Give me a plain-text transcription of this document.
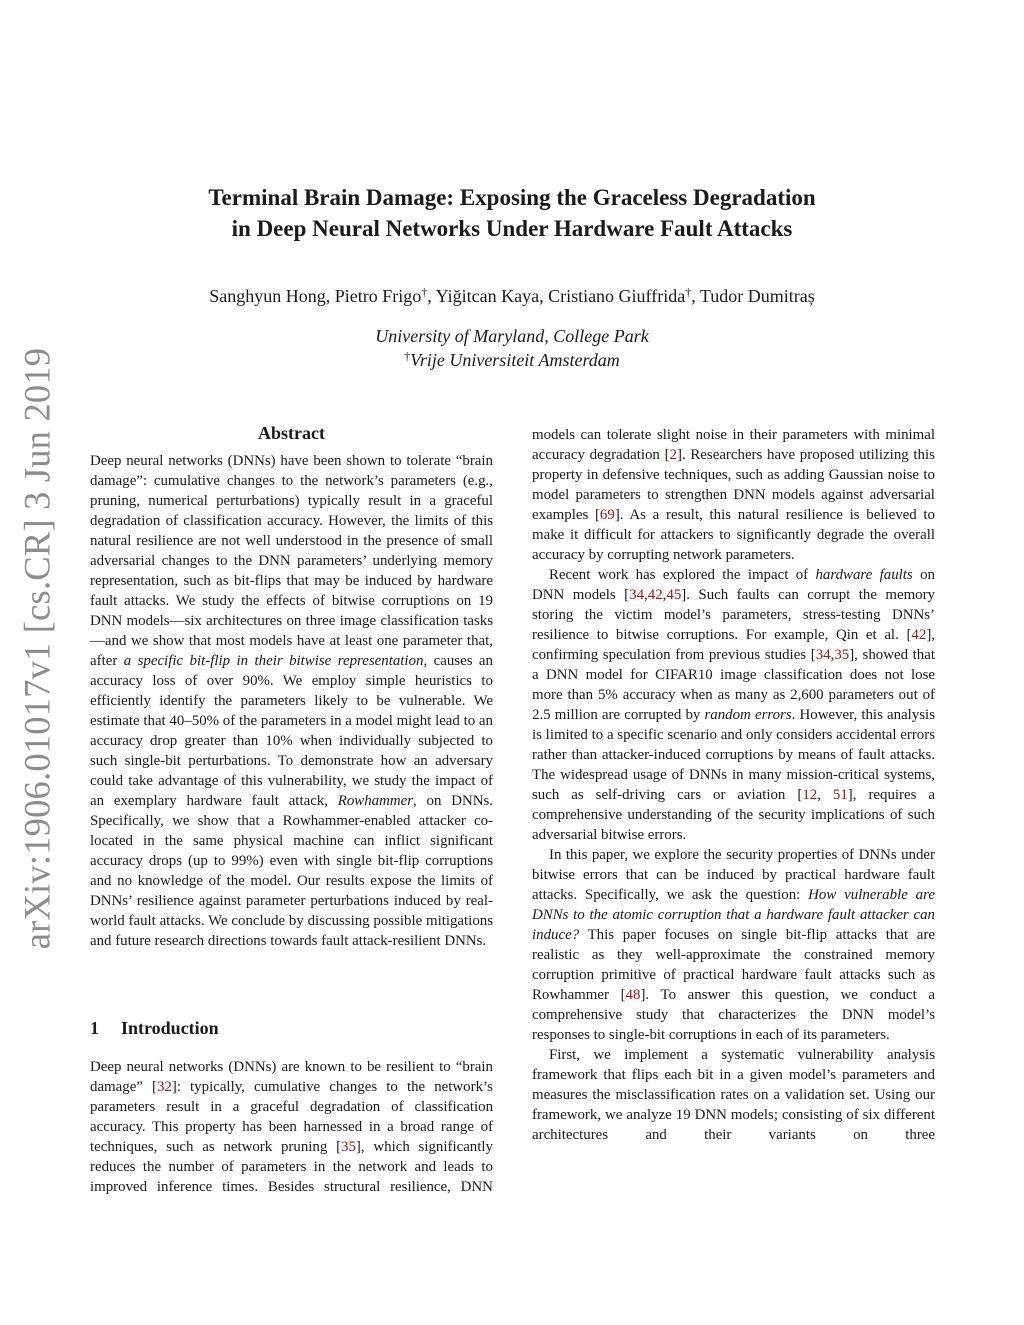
arXiv:1906.01017v1 [cs.CR] 3 Jun 2019
Terminal Brain Damage: Exposing the Graceless Degradation
in Deep Neural Networks Under Hardware Fault Attacks
Sanghyun Hong, Pietro Frigo†, Yiğitcan Kaya, Cristiano Giuffrida†, Tudor Dumitraș
University of Maryland, College Park
†Vrije Universiteit Amsterdam
Abstract

Deep neural networks (DNNs) have been shown to tolerate “brain damage”: cumulative changes to the network’s parameters (e.g., pruning, numerical perturbations) typically result in a graceful degradation of classification accuracy. However, the limits of this natural resilience are not well understood in the presence of small adversarial changes to the DNN parameters’ underlying memory representation, such as bit-flips that may be induced by hardware fault attacks. We study the effects of bitwise corruptions on 19 DNN models—six architectures on three image classification tasks—and we show that most models have at least one parameter that, after a specific bit-flip in their bitwise representation, causes an accuracy loss of over 90%. We employ simple heuristics to efficiently identify the parameters likely to be vulnerable. We estimate that 40–50% of the parameters in a model might lead to an accuracy drop greater than 10% when individually subjected to such single-bit perturbations. To demonstrate how an adversary could take advantage of this vulnerability, we study the impact of an exemplary hardware fault attack, Rowhammer, on DNNs. Specifically, we show that a Rowhammer-enabled attacker co-located in the same physical machine can inflict significant accuracy drops (up to 99%) even with single bit-flip corruptions and no knowledge of the model. Our results expose the limits of DNNs’ resilience against parameter perturbations induced by real-world fault attacks. We conclude by discussing possible mitigations and future research directions towards fault attack-resilient DNNs.

1 Introduction

Deep neural networks (DNNs) are known to be resilient to “brain damage” [32]: typically, cumulative changes to the network’s parameters result in a graceful degradation of classification accuracy. This property has been harnessed in a broad range of techniques, such as network pruning [35], which significantly reduces the number of parameters in the network and leads to improved inference times. Besides structural resilience, DNN

models can tolerate slight noise in their parameters with minimal accuracy degradation [2]. Researchers have proposed utilizing this property in defensive techniques, such as adding Gaussian noise to model parameters to strengthen DNN models against adversarial examples [69]. As a result, this natural resilience is believed to make it difficult for attackers to significantly degrade the overall accuracy by corrupting network parameters.

Recent work has explored the impact of hardware faults on DNN models [34,42,45]. Such faults can corrupt the memory storing the victim model’s parameters, stress-testing DNNs’ resilience to bitwise corruptions. For example, Qin et al. [42], confirming speculation from previous studies [34,35], showed that a DNN model for CIFAR10 image classification does not lose more than 5% accuracy when as many as 2,600 parameters out of 2.5 million are corrupted by random errors. However, this analysis is limited to a specific scenario and only considers accidental errors rather than attacker-induced corruptions by means of fault attacks. The widespread usage of DNNs in many mission-critical systems, such as self-driving cars or aviation [12, 51], requires a comprehensive understanding of the security implications of such adversarial bitwise errors.

In this paper, we explore the security properties of DNNs under bitwise errors that can be induced by practical hardware fault attacks. Specifically, we ask the question: How vulnerable are DNNs to the atomic corruption that a hardware fault attacker can induce? This paper focuses on single bit-flip attacks that are realistic as they well-approximate the constrained memory corruption primitive of practical hardware fault attacks such as Rowhammer [48]. To answer this question, we conduct a comprehensive study that characterizes the DNN model’s responses to single-bit corruptions in each of its parameters.

First, we implement a systematic vulnerability analysis framework that flips each bit in a given model’s parameters and measures the misclassification rates on a validation set. Using our framework, we analyze 19 DNN models; consisting of six different architectures and their variants on three
